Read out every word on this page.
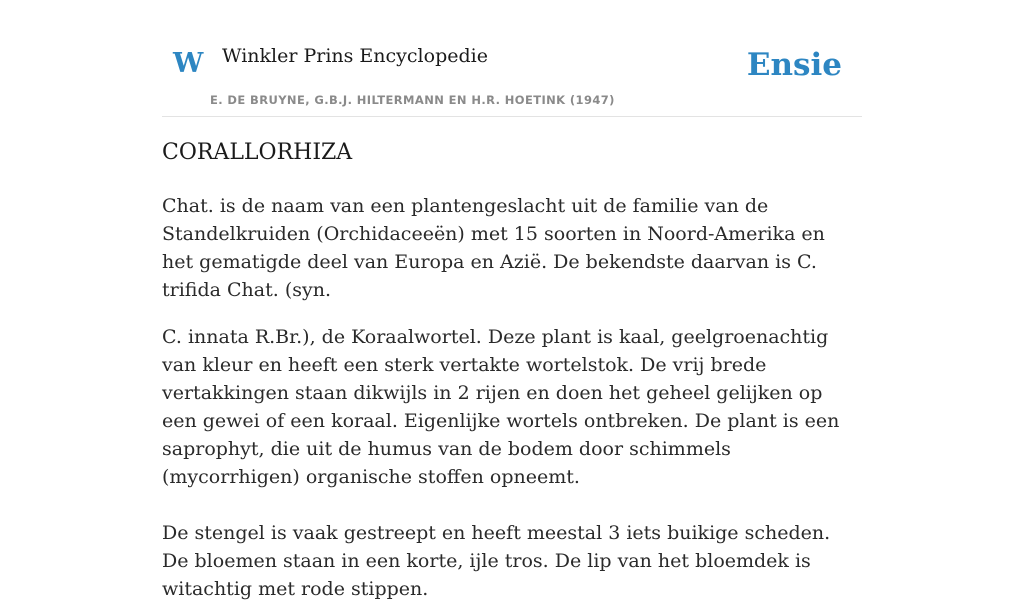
W Winkler Prins Encyclopedie
E. DE BRUYNE, G.B.J. HILTERMANN EN H.R. HOETINK (1947)
Ensie
CORALLORHIZA

Chat. is de naam van een plantengeslacht uit de familie van de Standelkruiden (Orchidaceeën) met 15 soorten in Noord-Amerika en het gematigde deel van Europa en Azië. De bekendste daarvan is C. trifida Chat. (syn.

C. innata R.Br.), de Koraalwortel. Deze plant is kaal, geelgroenachtig van kleur en heeft een sterk vertakte wortelstok. De vrij brede vertakkingen staan dikwijls in 2 rijen en doen het geheel gelijken op een gewei of een koraal. Eigenlijke wortels ontbreken. De plant is een saprophyt, die uit de humus van de bodem door schimmels (mycorrhigen) organische stoffen opneemt.

De stengel is vaak gestreept en heeft meestal 3 iets buikige scheden. De bloemen staan in een korte, ijle tros. De lip van het bloemdek is witachtig met rode stippen.
